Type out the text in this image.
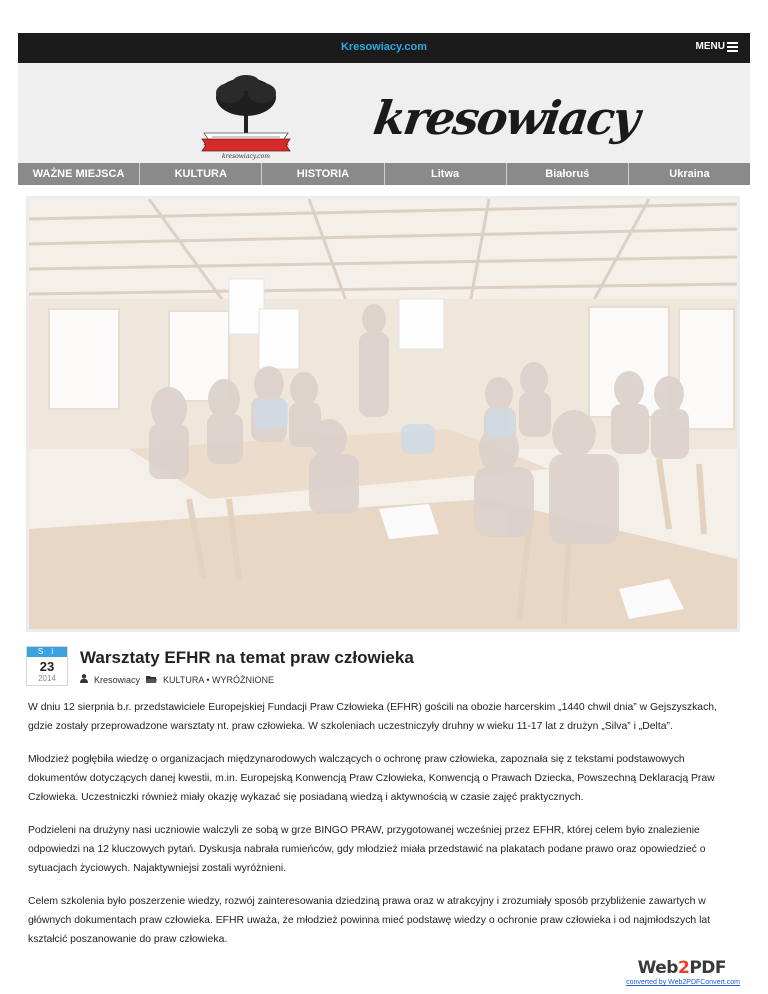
Kresowiacy.com	MENU
kresowiacy.com
kresowiacy
WAŻNE MIEJSCA	KULTURA	HISTORIA	Litwa	Białoruś	Ukraina
S i
23
2014
Warsztaty EFHR na temat praw człowieka
Kresowiacy	KULTURA • WYRÓŻNIONE

W dniu 12 sierpnia b.r. przedstawiciele Europejskiej Fundacji Praw Człowieka (EFHR) gościli na obozie harcerskim „1440 chwil dnia” w Gejszyszkach, gdzie zostały przeprowadzone warsztaty nt. praw człowieka. W szkoleniach uczestniczyły druhny w wieku 11-17 lat z drużyn „Silva” i „Delta”.

Młodzież pogłębiła wiedzę o organizacjach międzynarodowych walczących o ochronę praw człowieka, zapoznała się z tekstami podstawowych dokumentów dotyczących danej kwestii, m.in. Europejską Konwencją Praw Człowieka, Konwencją o Prawach Dziecka, Powszechną Deklaracją Praw Człowieka. Uczestniczki również miały okazję wykazać się posiadaną wiedzą i aktywnością w czasie zajęć praktycznych.

Podzieleni na drużyny nasi uczniowie walczyli ze sobą w grze BINGO PRAW, przygotowanej wcześniej przez EFHR, której celem było znalezienie odpowiedzi na 12 kluczowych pytań. Dyskusja nabrała rumieńców, gdy młodzież miała przedstawić na plakatach podane prawo oraz opowiedzieć o sytuacjach życiowych. Najaktywniejsi zostali wyróżnieni.

Celem szkolenia było poszerzenie wiedzy, rozwój zainteresowania dziedziną prawa oraz w atrakcyjny i zrozumiały sposób przybliżenie zawartych w głównych dokumentach praw człowieka. EFHR uważa, że młodzież powinna mieć podstawę wiedzy o ochronie praw człowieka i od najmłodszych lat kształcić poszanowanie do praw człowieka.

Web2PDF
converted by Web2PDFConvert.com
